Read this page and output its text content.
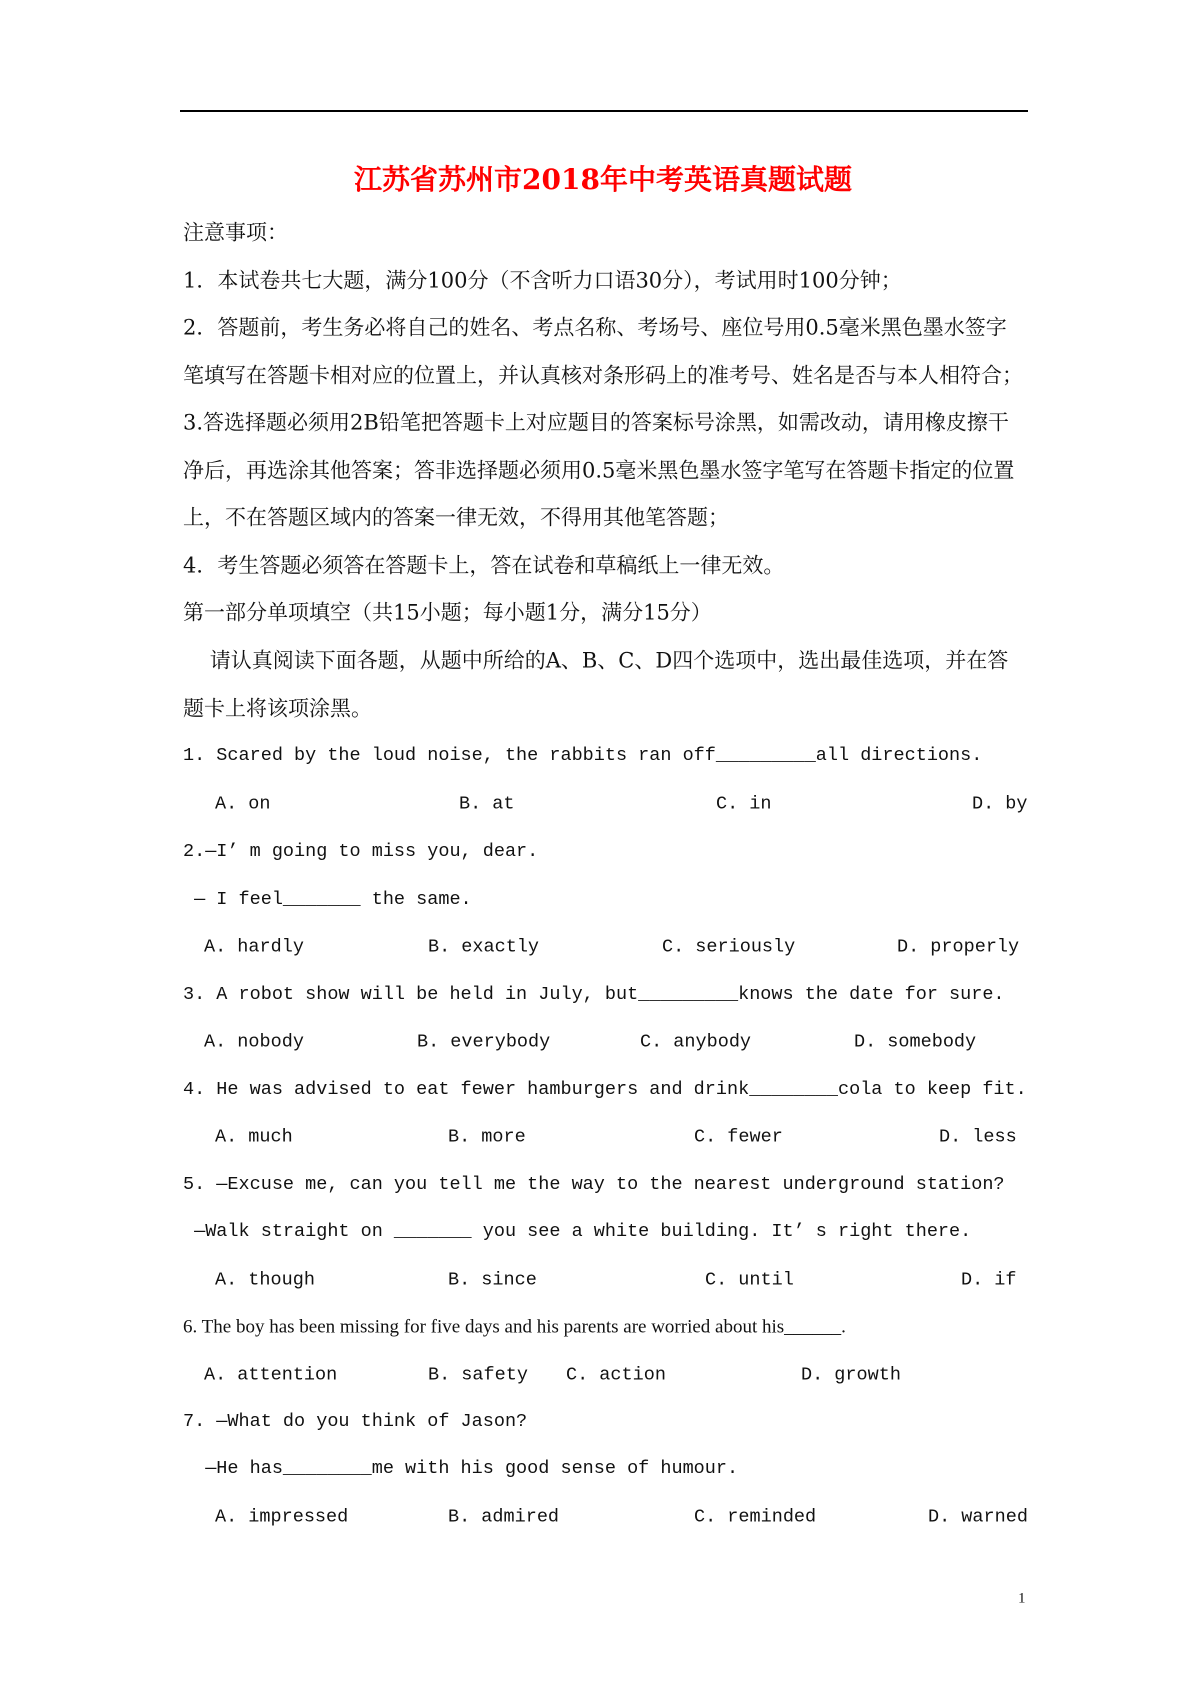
江苏省苏州市2018年中考英语真题试题
注意事项：
1．本试卷共七大题，满分100分（不含听力口语30分），考试用时100分钟；
2．答题前，考生务必将自己的姓名、考点名称、考场号、座位号用0.5毫米黑色墨水签字
笔填写在答题卡相对应的位置上，并认真核对条形码上的准考号、姓名是否与本人相符合；
3.答选择题必须用2B铅笔把答题卡上对应题目的答案标号涂黑，如需改动，请用橡皮擦干
净后，再选涂其他答案；答非选择题必须用0.5毫米黑色墨水签字笔写在答题卡指定的位置
上，不在答题区域内的答案一律无效，不得用其他笔答题；
4．考生答题必须答在答题卡上，答在试卷和草稿纸上一律无效。
第一部分单项填空（共15小题；每小题1分，满分15分）
请认真阅读下面各题，从题中所给的A、B、C、D四个选项中，选出最佳选项，并在答
题卡上将该项涂黑。
1. Scared by the loud noise, the rabbits ran off_________all directions.
A. on	B. at	C. in	D. by
2.—I’ m going to miss you, dear.
— I feel_______ the same.
A. hardly	B. exactly	C. seriously	D. properly
3. A robot show will be held in July, but_________knows the date for sure.
A. nobody	B. everybody	C. anybody	D. somebody
4. He was advised to eat fewer hamburgers and drink________cola to keep fit.
A. much	B. more	C. fewer	D. less
5. —Excuse me, can you tell me the way to the nearest underground station?
—Walk straight on _______ you see a white building. It’ s right there.
A. though	B. since	C. until	D. if
6. The boy has been missing for five days and his parents are worried about his______.
A. attention	B. safety C. action	D. growth
7. —What do you think of Jason?
—He has________me with his good sense of humour.
A. impressed	B. admired	C. reminded	D. warned
1
